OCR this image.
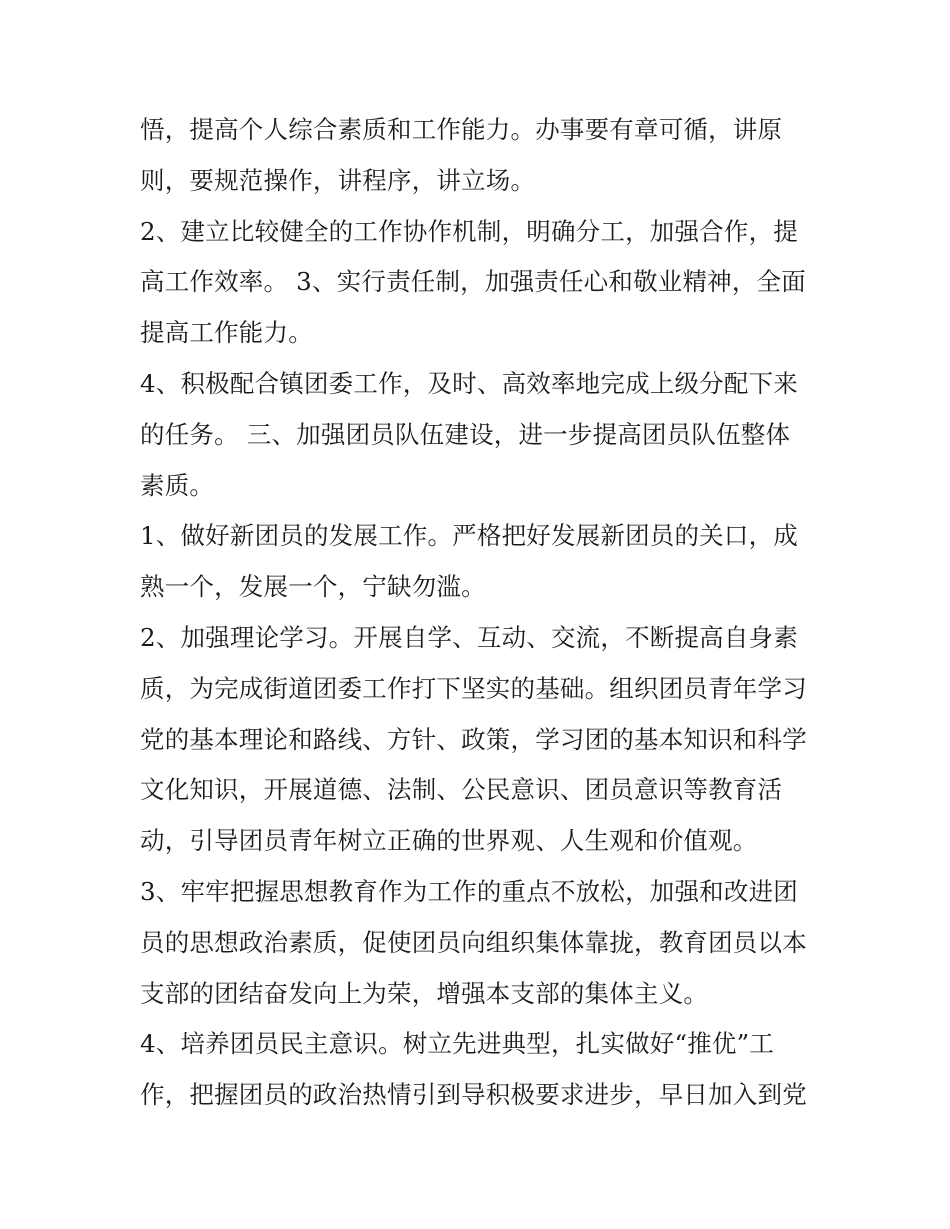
悟，提高个人综合素质和工作能力。办事要有章可循，讲原
则，要规范操作，讲程序，讲立场。
2、建立比较健全的工作协作机制，明确分工，加强合作，提
高工作效率。 3、实行责任制，加强责任心和敬业精神，全面
提高工作能力。
4、积极配合镇团委工作，及时、高效率地完成上级分配下来
的任务。 三、加强团员队伍建设，进一步提高团员队伍整体
素质。
1、做好新团员的发展工作。严格把好发展新团员的关口，成
熟一个，发展一个，宁缺勿滥。
2、加强理论学习。开展自学、互动、交流，不断提高自身素
质，为完成街道团委工作打下坚实的基础。组织团员青年学习
党的基本理论和路线、方针、政策，学习团的基本知识和科学
文化知识，开展道德、法制、公民意识、团员意识等教育活
动，引导团员青年树立正确的世界观、人生观和价值观。
3、牢牢把握思想教育作为工作的重点不放松，加强和改进团
员的思想政治素质，促使团员向组织集体靠拢，教育团员以本
支部的团结奋发向上为荣，增强本支部的集体主义。
4、培养团员民主意识。树立先进典型，扎实做好“推优”工
作，把握团员的政治热情引到导积极要求进步，早日加入到党
